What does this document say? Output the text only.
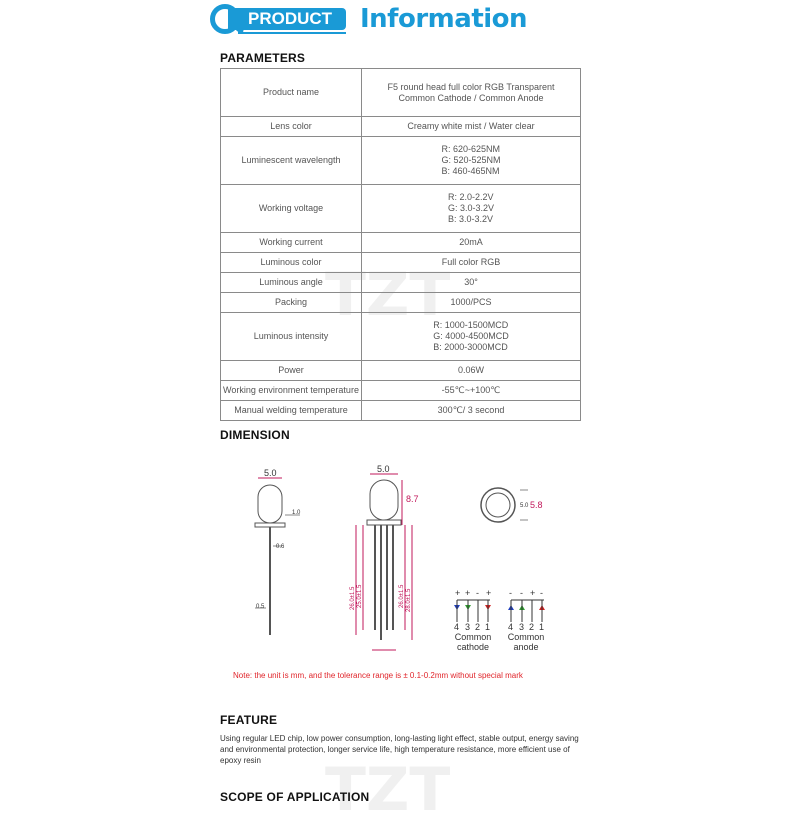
PRODUCT	Information
TZT
TZT
PARAMETERS
Product name	F5 round head full color RGB Transparent
Common Cathode / Common Anode

Lens color	Creamy white mist / Water clear

Luminescent wavelength	R: 620-625NM
G: 520-525NM
B: 460-465NM

Working voltage	R: 2.0-2.2V
G: 3.0-3.2V
B: 3.0-3.2V

Working current	20mA

Luminous color	Full color RGB

Luminous angle	30°

Packing	1000/PCS

Luminous intensity	R: 1000-1500MCD
G: 4000-4500MCD
B: 2000-3000MCD

Power	0.06W

Working environment temperature	-55℃~+100℃

Manual welding temperature	300℃/ 3 second
DIMENSION
5.0
1.0
0.6
0.5
5.0
8.7
26.0±1.5 25.0±1.5	26.0±1.5 28.0±1.5
5.0 5.8
+ + - +
4 3 2 1
Common
cathode
- - + -
4 3 2 1
Common
anode
Note: the unit is mm, and the tolerance range is ± 0.1-0.2mm without special mark
FEATURE
Using regular LED chip, low power consumption, long-lasting light effect, stable output, energy saving and environmental protection, longer service life, high temperature resistance, more efficient use of epoxy resin
SCOPE OF APPLICATION
